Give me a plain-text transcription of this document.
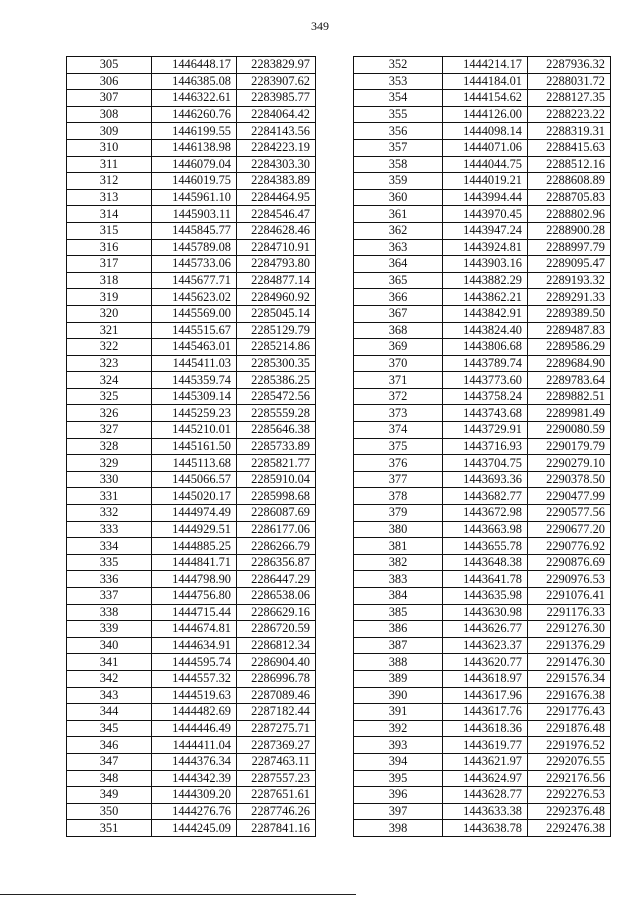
349
305	1446448.17	2283829.97
306	1446385.08	2283907.62
307	1446322.61	2283985.77
308	1446260.76	2284064.42
309	1446199.55	2284143.56
310	1446138.98	2284223.19
311	1446079.04	2284303.30
312	1446019.75	2284383.89
313	1445961.10	2284464.95
314	1445903.11	2284546.47
315	1445845.77	2284628.46
316	1445789.08	2284710.91
317	1445733.06	2284793.80
318	1445677.71	2284877.14
319	1445623.02	2284960.92
320	1445569.00	2285045.14
321	1445515.67	2285129.79
322	1445463.01	2285214.86
323	1445411.03	2285300.35
324	1445359.74	2285386.25
325	1445309.14	2285472.56
326	1445259.23	2285559.28
327	1445210.01	2285646.38
328	1445161.50	2285733.89
329	1445113.68	2285821.77
330	1445066.57	2285910.04
331	1445020.17	2285998.68
332	1444974.49	2286087.69
333	1444929.51	2286177.06
334	1444885.25	2286266.79
335	1444841.71	2286356.87
336	1444798.90	2286447.29
337	1444756.80	2286538.06
338	1444715.44	2286629.16
339	1444674.81	2286720.59
340	1444634.91	2286812.34
341	1444595.74	2286904.40
342	1444557.32	2286996.78
343	1444519.63	2287089.46
344	1444482.69	2287182.44
345	1444446.49	2287275.71
346	1444411.04	2287369.27
347	1444376.34	2287463.11
348	1444342.39	2287557.23
349	1444309.20	2287651.61
350	1444276.76	2287746.26
351	1444245.09	2287841.16
352	1444214.17	2287936.32
353	1444184.01	2288031.72
354	1444154.62	2288127.35
355	1444126.00	2288223.22
356	1444098.14	2288319.31
357	1444071.06	2288415.63
358	1444044.75	2288512.16
359	1444019.21	2288608.89
360	1443994.44	2288705.83
361	1443970.45	2288802.96
362	1443947.24	2288900.28
363	1443924.81	2288997.79
364	1443903.16	2289095.47
365	1443882.29	2289193.32
366	1443862.21	2289291.33
367	1443842.91	2289389.50
368	1443824.40	2289487.83
369	1443806.68	2289586.29
370	1443789.74	2289684.90
371	1443773.60	2289783.64
372	1443758.24	2289882.51
373	1443743.68	2289981.49
374	1443729.91	2290080.59
375	1443716.93	2290179.79
376	1443704.75	2290279.10
377	1443693.36	2290378.50
378	1443682.77	2290477.99
379	1443672.98	2290577.56
380	1443663.98	2290677.20
381	1443655.78	2290776.92
382	1443648.38	2290876.69
383	1443641.78	2290976.53
384	1443635.98	2291076.41
385	1443630.98	2291176.33
386	1443626.77	2291276.30
387	1443623.37	2291376.29
388	1443620.77	2291476.30
389	1443618.97	2291576.34
390	1443617.96	2291676.38
391	1443617.76	2291776.43
392	1443618.36	2291876.48
393	1443619.77	2291976.52
394	1443621.97	2292076.55
395	1443624.97	2292176.56
396	1443628.77	2292276.53
397	1443633.38	2292376.48
398	1443638.78	2292476.38
